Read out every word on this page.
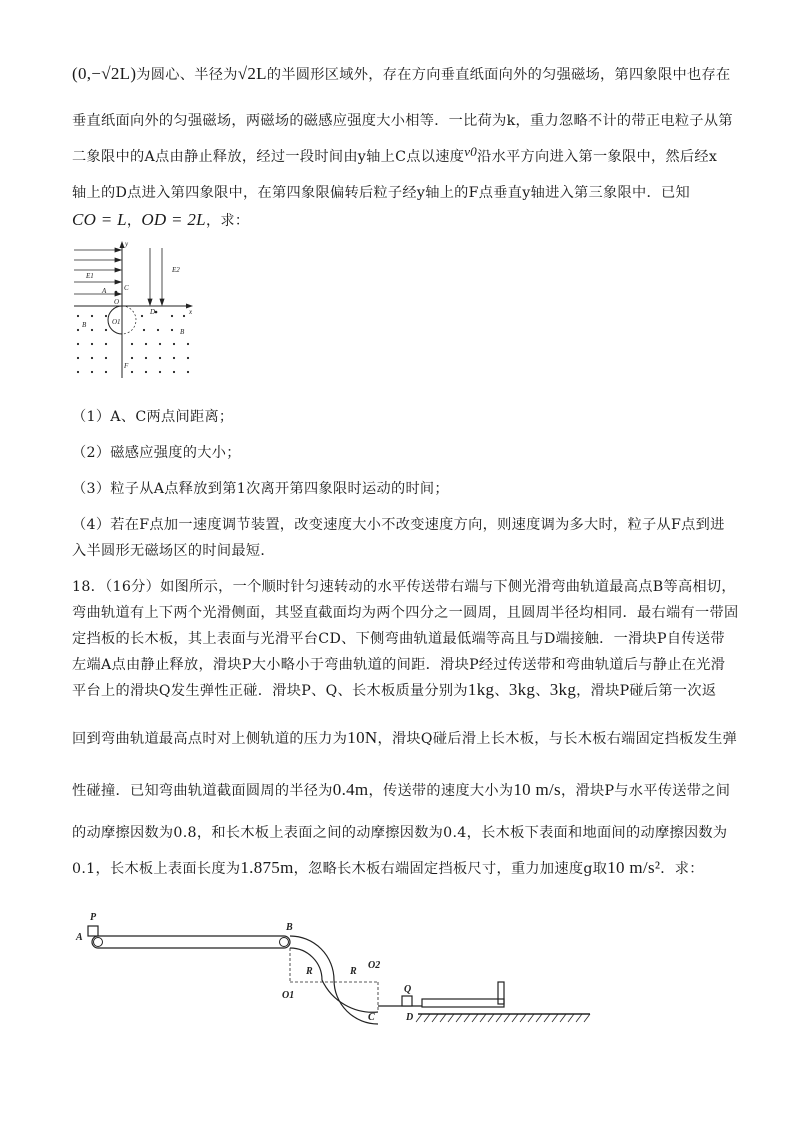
(0,−√2L)为圆心、半径为√2L的半圆形区域外，存在方向垂直纸面向外的匀强磁场，第四象限中也存在
垂直纸面向外的匀强磁场，两磁场的磁感应强度大小相等．一比荷为k，重力忽略不计的带正电粒子从第
二象限中的A点由静止释放，经过一段时间由y轴上C点以速度v0沿水平方向进入第一象限中，然后经x
轴上的D点进入第四象限中，在第四象限偏转后粒子经y轴上的F点垂直y轴进入第三象限中．已知
CO = L，OD = 2L，求：
y
x
E1
E2
A	C
O
O1
D
B
B
F
（1）A、C两点间距离；
（2）磁感应强度的大小；
（3）粒子从A点释放到第1次离开第四象限时运动的时间；
（4）若在F点加一速度调节装置，改变速度大小不改变速度方向，则速度调为多大时，粒子从F点到进
入半圆形无磁场区的时间最短．
18．（16分）如图所示，一个顺时针匀速转动的水平传送带右端与下侧光滑弯曲轨道最高点B等高相切，
弯曲轨道有上下两个光滑侧面，其竖直截面均为两个四分之一圆周，且圆周半径均相同．最右端有一带固
定挡板的长木板，其上表面与光滑平台CD、下侧弯曲轨道最低端等高且与D端接触．一滑块P自传送带
左端A点由静止释放，滑块P大小略小于弯曲轨道的间距．滑块P经过传送带和弯曲轨道后与静止在光滑
平台上的滑块Q发生弹性正碰．滑块P、Q、长木板质量分别为1kg、3kg、3kg，滑块P碰后第一次返
回到弯曲轨道最高点时对上侧轨道的压力为10N，滑块Q碰后滑上长木板，与长木板右端固定挡板发生弹
性碰撞．已知弯曲轨道截面圆周的半径为0.4m，传送带的速度大小为10 m/s，滑块P与水平传送带之间
的动摩擦因数为0.8，和长木板上表面之间的动摩擦因数为0.4，长木板下表面和地面间的动摩擦因数为
0.1，长木板上表面长度为1.875m，忽略长木板右端固定挡板尺寸，重力加速度g取10 m/s²．求：
P
A
B
R	R
O2
O1
Q
C	D
